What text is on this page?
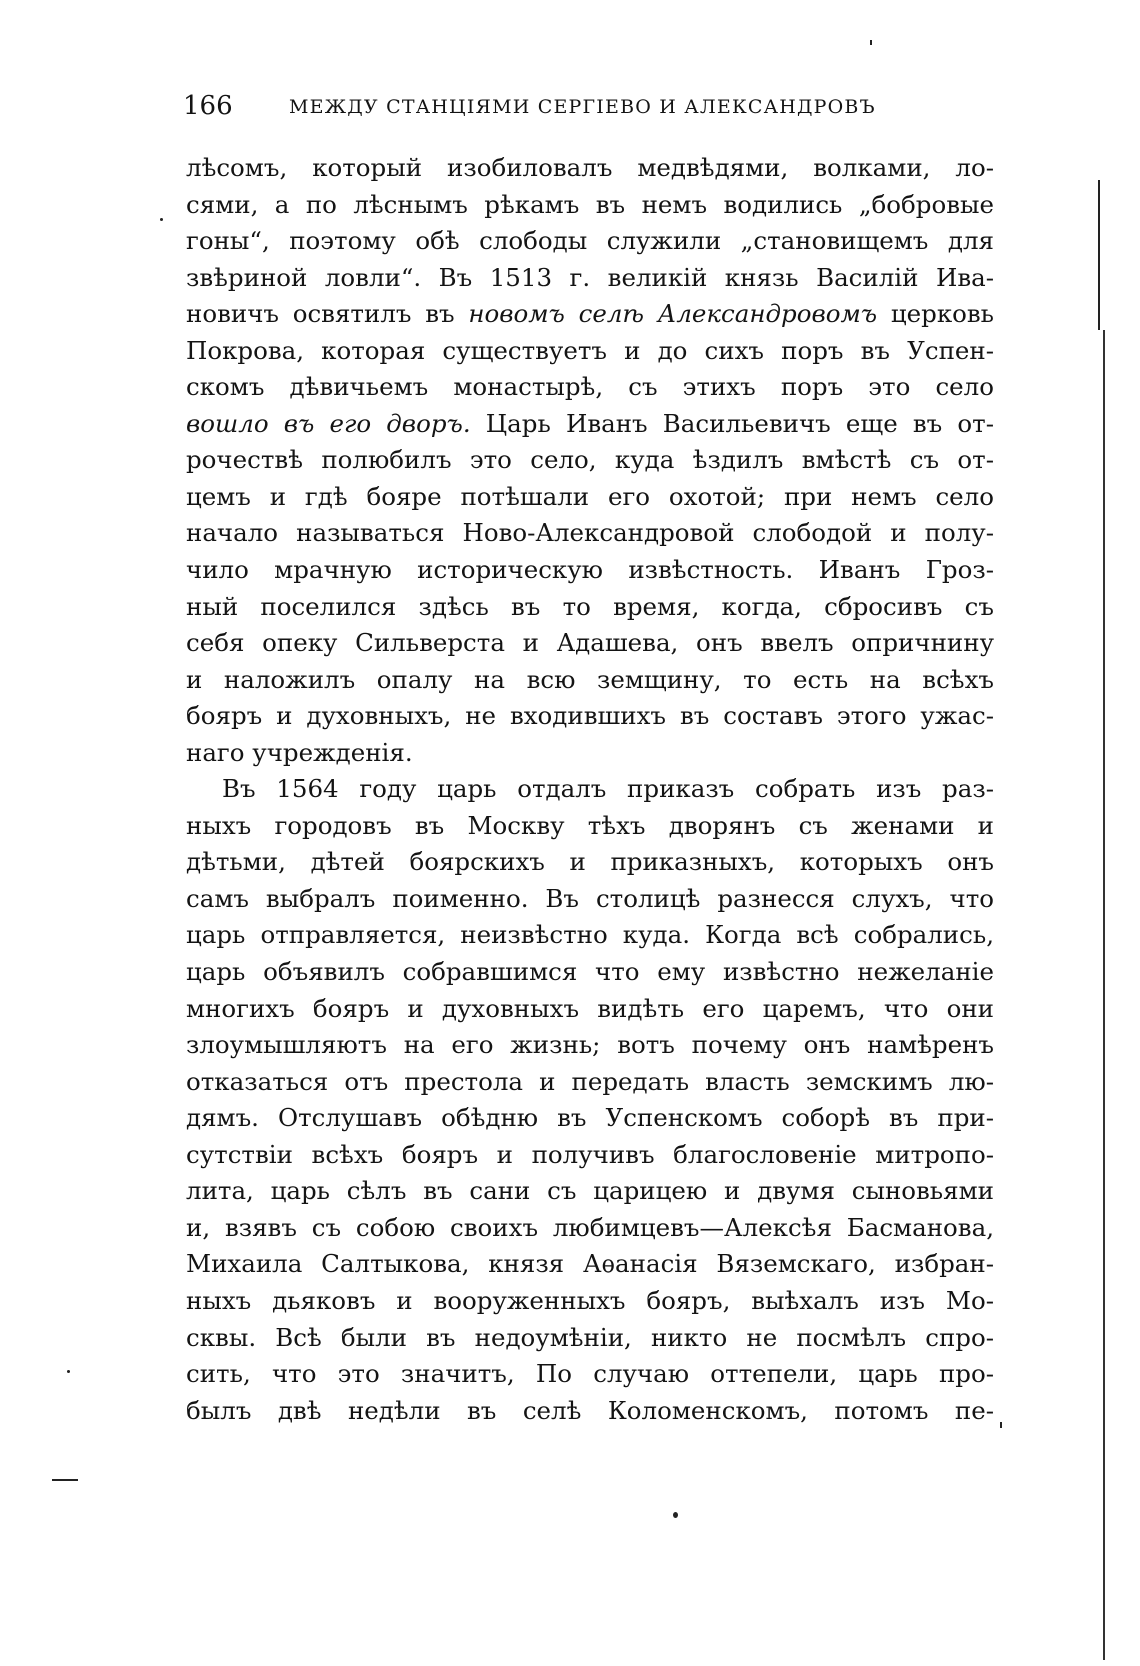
166	МЕЖДУ СТАНЦІЯМИ СЕРГІЕВО И АЛЕКСАНДРОВЪ
лѣсомъ, который изобиловалъ медвѣдями, волками, ло-
сями, а по лѣснымъ рѣкамъ въ немъ водились „бобровые
гоны“, поэтому обѣ слободы служили „становищемъ для
звѣриной ловли“. Въ 1513 г. великій князь Василій Ива-
новичъ освятилъ въ новомъ селѣ Александровомъ церковь
Покрова, которая существуетъ и до сихъ поръ въ Успен-
скомъ дѣвичьемъ монастырѣ, съ этихъ поръ это село
вошло въ его дворъ. Царь Иванъ Васильевичъ еще въ от-
рочествѣ полюбилъ это село, куда ѣздилъ вмѣстѣ съ от-
цемъ и гдѣ бояре потѣшали его охотой; при немъ село
начало называться Ново-Александровой слободой и полу-
чило мрачную историческую извѣстность. Иванъ Гроз-
ный поселился здѣсь въ то время, когда, сбросивъ съ
себя опеку Сильверста и Адашева, онъ ввелъ опричнину
и наложилъ опалу на всю земщину, то есть на всѣхъ
бояръ и духовныхъ, не входившихъ въ составъ этого ужас-
наго учрежденія.
Въ 1564 году царь отдалъ приказъ собрать изъ раз-
ныхъ городовъ въ Москву тѣхъ дворянъ съ женами и
дѣтьми, дѣтей боярскихъ и приказныхъ, которыхъ онъ
самъ выбралъ поименно. Въ столицѣ разнесся слухъ, что
царь отправляется, неизвѣстно куда. Когда всѣ собрались,
царь объявилъ собравшимся что ему извѣстно нежеланіе
многихъ бояръ и духовныхъ видѣть его царемъ, что они
злоумышляютъ на его жизнь; вотъ почему онъ намѣренъ
отказаться отъ престола и передать власть земскимъ лю-
дямъ. Отслушавъ обѣдню въ Успенскомъ соборѣ въ при-
сутствіи всѣхъ бояръ и получивъ благословеніе митропо-
лита, царь сѣлъ въ сани съ царицею и двумя сыновьями
и, взявъ съ собою своихъ любимцевъ—Алексѣя Басманова,
Михаила Салтыкова, князя Аѳанасія Вяземскаго, избран-
ныхъ дьяковъ и вооруженныхъ бояръ, выѣхалъ изъ Мо-
сквы. Всѣ были въ недоумѣніи, никто не посмѣлъ спро-
сить, что это значитъ, По случаю оттепели, царь про-
былъ двѣ недѣли въ селѣ Коломенскомъ, потомъ пе-
